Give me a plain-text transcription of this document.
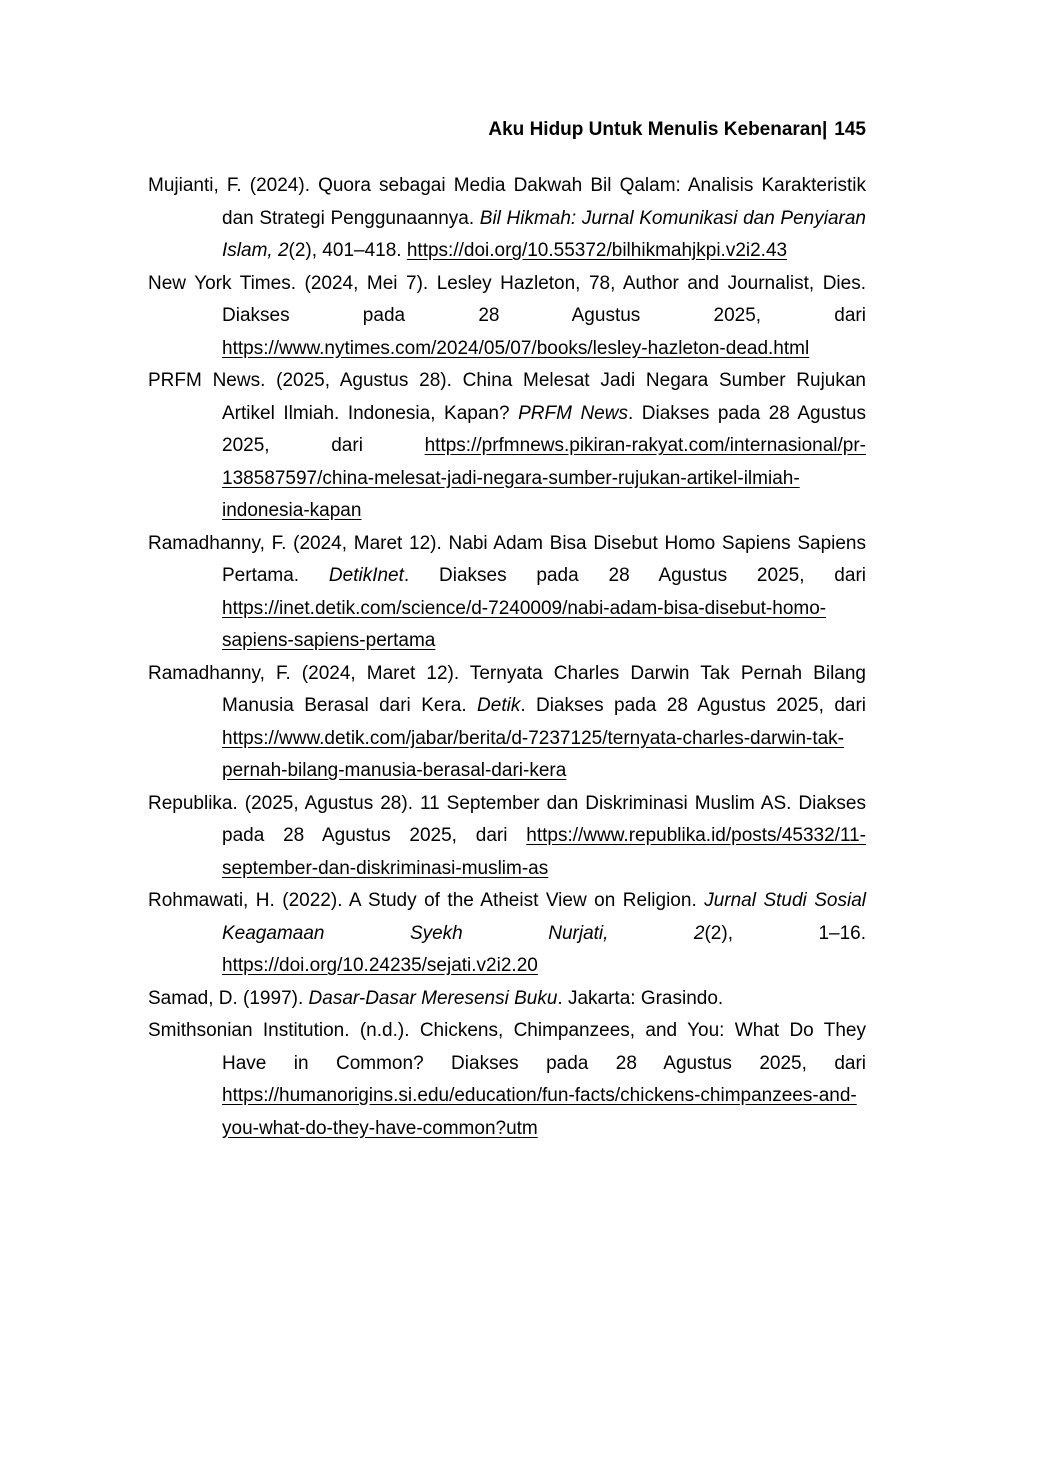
Aku Hidup Untuk Menulis Kebenaran| 145

Mujianti, F. (2024). Quora sebagai Media Dakwah Bil Qalam: Analisis Karakteristik dan Strategi Penggunaannya. Bil Hikmah: Jurnal Komunikasi dan Penyiaran Islam, 2(2), 401–418. https://doi.org/10.55372/bilhikmahjkpi.v2i2.43

New York Times. (2024, Mei 7). Lesley Hazleton, 78, Author and Journalist, Dies. Diakses pada 28 Agustus 2025, dari https://www.nytimes.com/2024/05/07/books/lesley-hazleton-dead.html

PRFM News. (2025, Agustus 28). China Melesat Jadi Negara Sumber Rujukan Artikel Ilmiah. Indonesia, Kapan? PRFM News. Diakses pada 28 Agustus 2025, dari https://prfmnews.pikiran-rakyat.com/internasional/pr-138587597/china-melesat-jadi-negara-sumber-rujukan-artikel-ilmiah-indonesia-kapan

Ramadhanny, F. (2024, Maret 12). Nabi Adam Bisa Disebut Homo Sapiens Sapiens Pertama. DetikInet. Diakses pada 28 Agustus 2025, dari https://inet.detik.com/science/d-7240009/nabi-adam-bisa-disebut-homo-sapiens-sapiens-pertama

Ramadhanny, F. (2024, Maret 12). Ternyata Charles Darwin Tak Pernah Bilang Manusia Berasal dari Kera. Detik. Diakses pada 28 Agustus 2025, dari https://www.detik.com/jabar/berita/d-7237125/ternyata-charles-darwin-tak-pernah-bilang-manusia-berasal-dari-kera

Republika. (2025, Agustus 28). 11 September dan Diskriminasi Muslim AS. Diakses pada 28 Agustus 2025, dari https://www.republika.id/posts/45332/11-september-dan-diskriminasi-muslim-as

Rohmawati, H. (2022). A Study of the Atheist View on Religion. Jurnal Studi Sosial Keagamaan Syekh Nurjati, 2(2), 1–16. https://doi.org/10.24235/sejati.v2i2.20

Samad, D. (1997). Dasar-Dasar Meresensi Buku. Jakarta: Grasindo.

Smithsonian Institution. (n.d.). Chickens, Chimpanzees, and You: What Do They Have in Common? Diakses pada 28 Agustus 2025, dari https://humanorigins.si.edu/education/fun-facts/chickens-chimpanzees-and-you-what-do-they-have-common?utm
